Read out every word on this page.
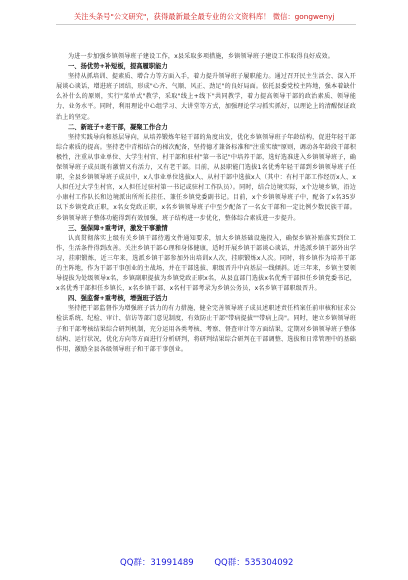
关注头条号"公文研究"，获得最新最全最专业的公文资料库！ 微信：gongwenyj

为进一步加强乡镇领导班子建设工作，x县采取多项措施，乡镇领导班子建设工作取得良好成效。

一、扬优势+补短板，提高履职能力

坚持从抓培训、提素质、增合力等方面入手，着力提升领导班子履职能力。通过召开民主生活会、深入开展谈心谈话，增进班子团结，形成"心齐、气顺、风正、劲足"的良好局面。依托县委党校主阵地，强本着缺什么补什么的原则，实行"菜单式"教学，采取"线上+线下"共同教学，着力提高领导干部的政治素质、领导能力、业务水平。同时，利用理论中心组学习、大讲堂等方式，加强理论学习抓实抓好，以理论上的清醒保证政治上的坚定。

二、新班子+老干部，凝聚工作合力

坚持实践导向和基层导向，从培养锻炼年轻干部的角度出发，优化乡镇领导班子年龄结构，促进年轻干部综合素质的提高。坚持老中青相结合的梯次配备，坚持德才兼备标准和"注重实绩"原则，调动各年龄段干部积极性，注重从事业单位、大学生村官、村干部和驻村"第一书记"中培养干部，选好选准进入乡镇领导班子，确保领导班子成员既有激情又有活力，又有老干部。目前，从县职能门选拔1名优秀年轻干部到乡镇领导班子任职，全县乡镇领导班子成员中，x人事业单位选拔x人、从村干部中选拔x人（其中：有村干部工作经历x人、x人担任过大学生村官，x人担任过驻村第一书记或驻村工作队员）。同时，结合边境实际，x个边境乡镇，沿边小康村工作队长和边境派出所所长挂任、兼任乡镇党委副书记。目前，x个乡镇领导班子中，配备了x名35岁以下乡镇党政正职，x名女党政正职，x名乡镇领导班子中至少配备了一名女干部和一定比例少数民族干部。乡镇领导班子整体功能得到有效加强，班子结构进一步优化，整体综合素质进一步提升。

三、强保障+重考评，激发干事激情

认真贯彻落实上级有关乡镇干部待遇文件通知要求，加大乡镇基础设施投入，确保乡镇补贴落实到位工作，生活条件得到改善。关注乡镇干部心理和身体健康，适时开展乡镇干部谈心谈话，并选派乡镇干部外出学习，挂职锻炼，近三年来，选派乡镇干部参加外出培训x人次，挂职锻炼x人次。同时，将乡镇作为培养干部的主阵地，作为干部干事创业的主战场，并在干部选拔、职级晋升中向基层一线倾斜。近三年来，乡镇主要领导提拔为处级领导x名，乡镇副职提拔为乡镇党政正职x名，从县直部门选拔x名优秀干部担任乡镇党委书记，x名优秀干部担任乡镇长，x名乡镇干部、x名村干部考录为乡镇公务员，x名乡镇干部职级晋升。

四、强监督+重考核，增强班子活力

坚持把干部监督作为增强班子活力的有力措施，健全完善领导班子成员述职述责任档案任前审核和征求公检法系统、纪检、审计、信访等部门意见制度，有效防止干部"带病提拔""带病上岗"。同时，建立乡镇领导班子和干部考核结果综合研判机制，充分运用各类考核、考察、督查审计等方面结果，定期对乡镇领导班子整体结构、运行状况，优化方向等方面进行分析研判，将研判结果综合研判在干部调整、选拔和日常管理中的基础作用，激励全县各级领导班子和干部干事创业。

QQ群：31991489 QQ群：535304092
